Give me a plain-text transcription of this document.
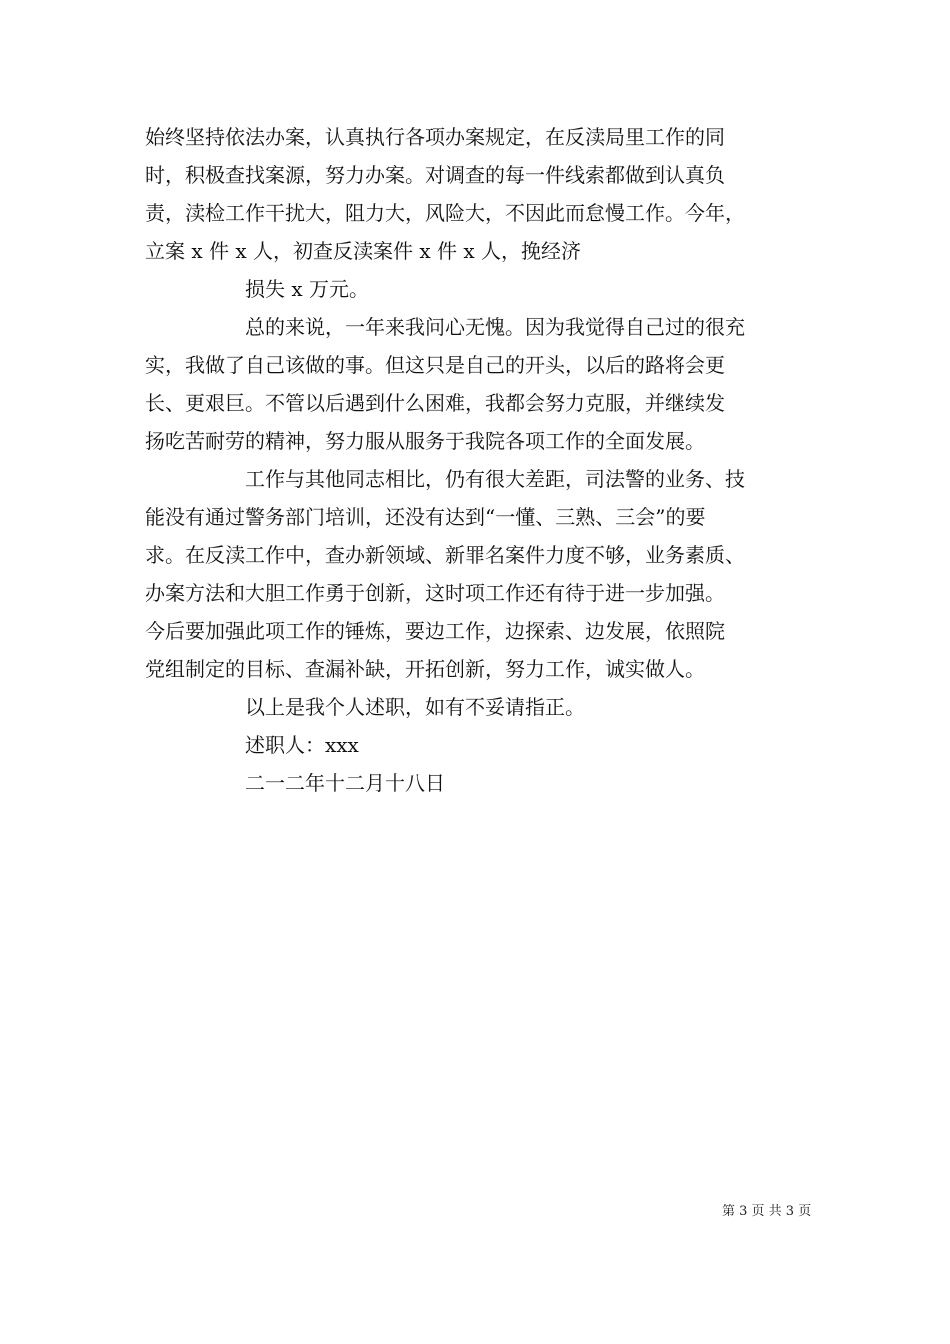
始终坚持依法办案，认真执行各项办案规定，在反渎局里工作的同

时，积极查找案源，努力办案。对调查的每一件线索都做到认真负

责，渎检工作干扰大，阻力大，风险大，不因此而怠慢工作。今年，

立案 x 件 x 人，初查反渎案件 x 件 x 人，挽经济

损失 x 万元。

总的来说，一年来我问心无愧。因为我觉得自己过的很充

实，我做了自己该做的事。但这只是自己的开头，以后的路将会更

长、更艰巨。不管以后遇到什么困难，我都会努力克服，并继续发

扬吃苦耐劳的精神，努力服从服务于我院各项工作的全面发展。

工作与其他同志相比，仍有很大差距，司法警的业务、技

能没有通过警务部门培训，还没有达到“一懂、三熟、三会”的要

求。在反渎工作中，查办新领域、新罪名案件力度不够，业务素质、

办案方法和大胆工作勇于创新，这时项工作还有待于进一步加强。

今后要加强此项工作的锤炼，要边工作，边探索、边发展，依照院

党组制定的目标、查漏补缺，开拓创新，努力工作，诚实做人。

以上是我个人述职，如有不妥请指正。

述职人：xxx

二一二年十二月十八日

第 3 页 共 3 页
